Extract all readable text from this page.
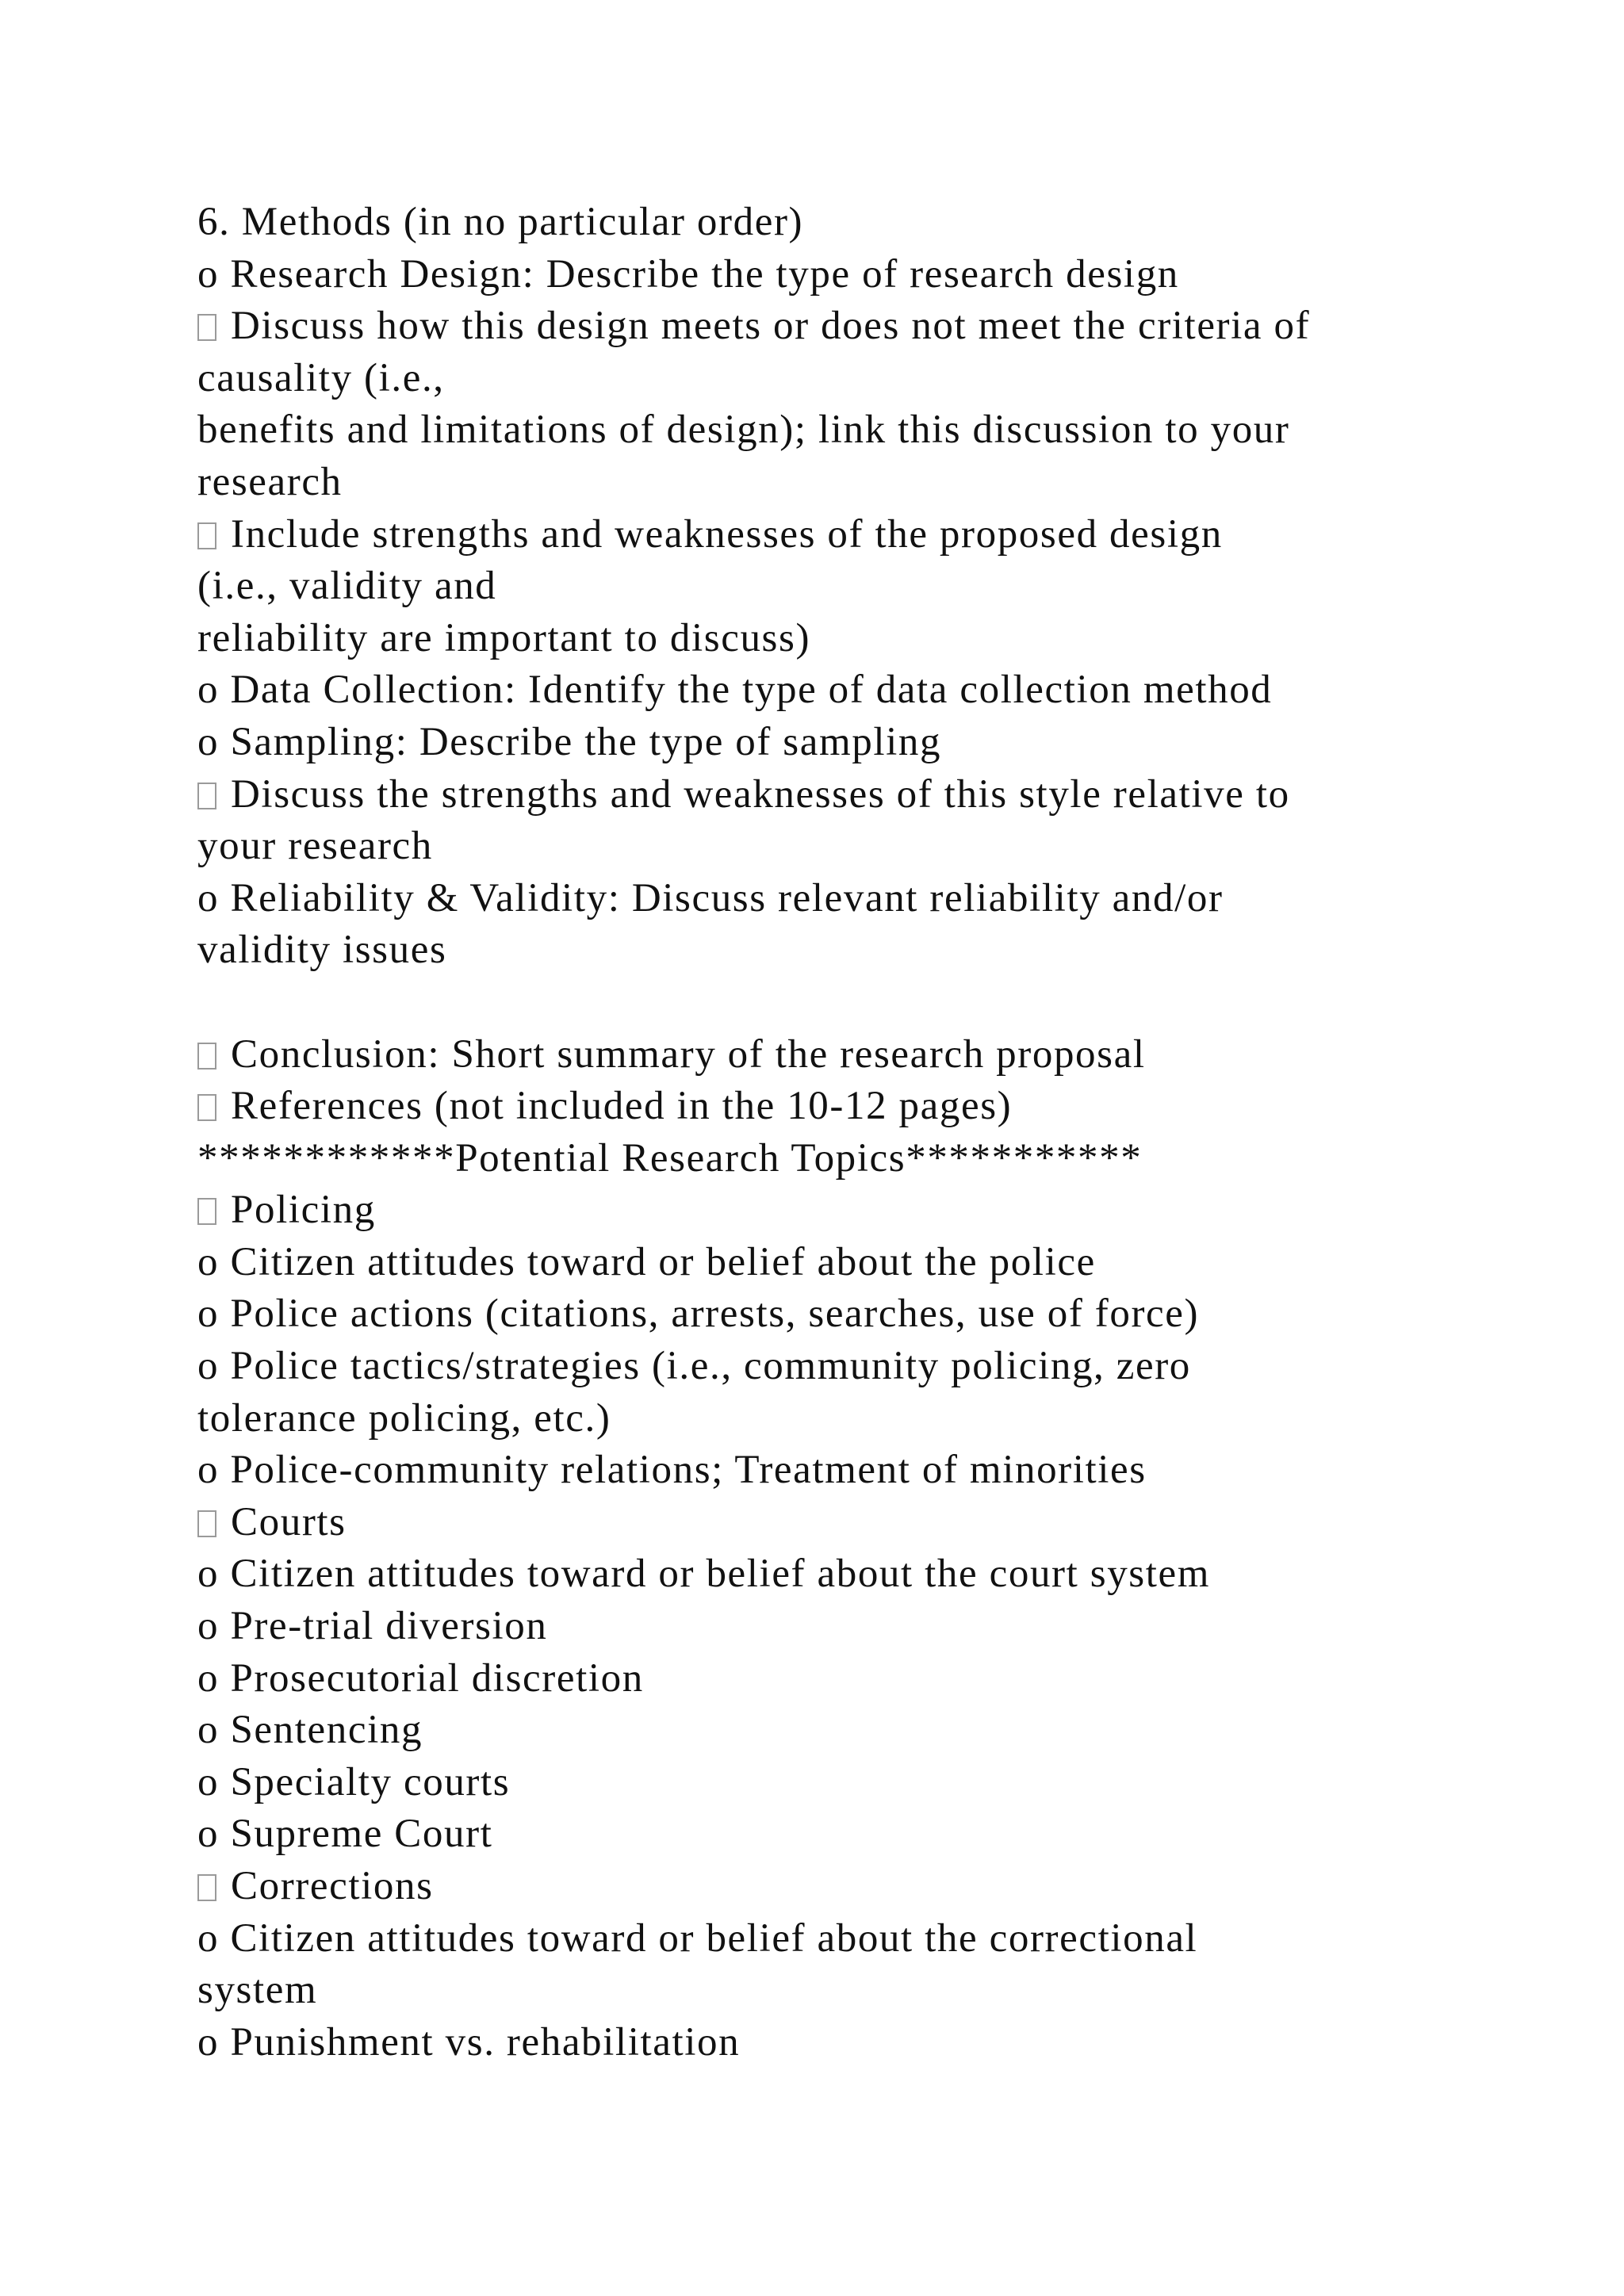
6. Methods (in no particular order)
o Research Design: Describe the type of research design
Discuss how this design meets or does not meet the criteria of
causality (i.e.,
benefits and limitations of design); link this discussion to your
research
Include strengths and weaknesses of the proposed design
(i.e., validity and
reliability are important to discuss)
o Data Collection: Identify the type of data collection method
o Sampling: Describe the type of sampling
Discuss the strengths and weaknesses of this style relative to
your research
o Reliability & Validity: Discuss relevant reliability and/or
validity issues
Conclusion: Short summary of the research proposal
References (not included in the 10-12 pages)
************Potential Research Topics***********
Policing
o Citizen attitudes toward or belief about the police
o Police actions (citations, arrests, searches, use of force)
o Police tactics/strategies (i.e., community policing, zero
tolerance policing, etc.)
o Police-community relations; Treatment of minorities
Courts
o Citizen attitudes toward or belief about the court system
o Pre-trial diversion
o Prosecutorial discretion
o Sentencing
o Specialty courts
o Supreme Court
Corrections
o Citizen attitudes toward or belief about the correctional
system
o Punishment vs. rehabilitation
